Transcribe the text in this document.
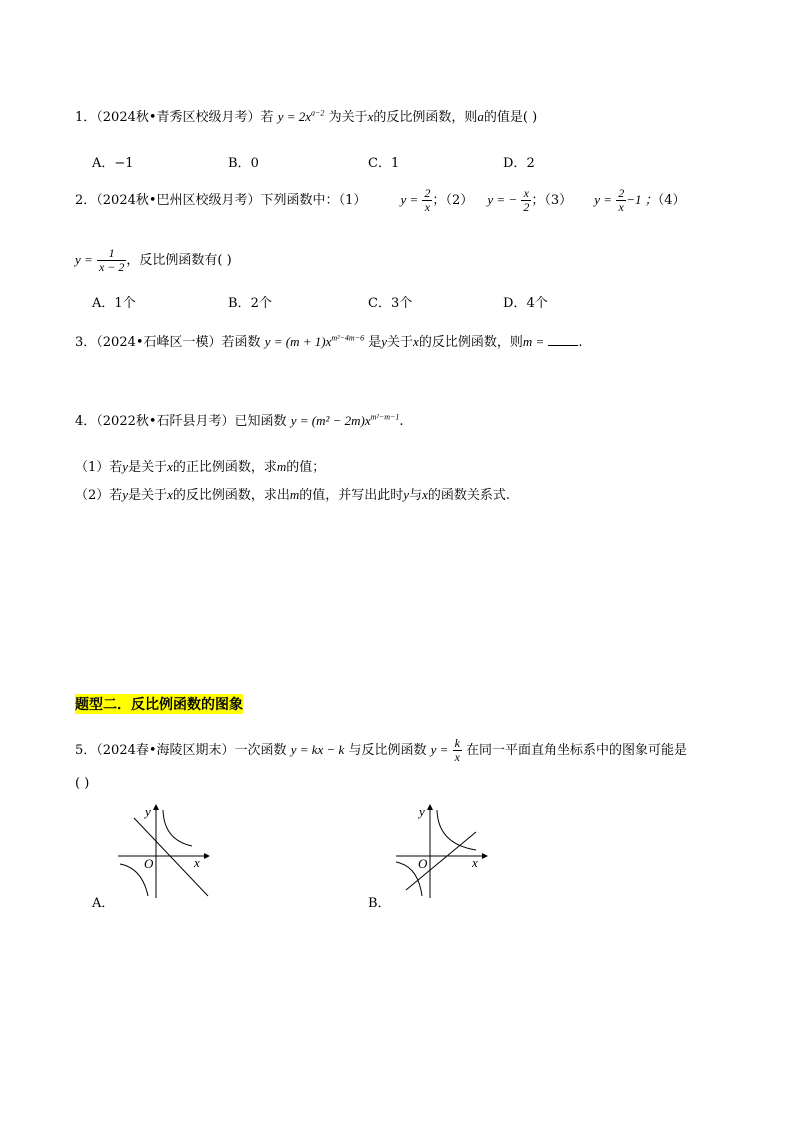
1．（2024秋•青秀区校级月考）若 $y = 2x^{a-2}$ 为关于x的反比例函数，则a的值是( )
A．−1	B．0	C．1	D．2
2．（2024秋•巴州区校级月考）下列函数中：（1）	$y = \frac{2}{x}$ ；（2） y = − $\frac{x}{2}$ ；（3） $y = \frac{2}{x} -1$ ；（4）
$y = \frac{1}{x - 2}$ ，反比例函数有( )
A．1个	B．2个	C．3个	D．4个
3．（2024•石峰区一模）若函数 $y = (m + 1)x^{m^2-4m-6}$ 是y关于x的反比例函数，则m =	.
4．（2022秋•石阡县月考）已知函数 $y = (m^2 - 2m)x^{m^2-m-1}$.
（1）若y是关于x的正比例函数，求m的值；
（2）若y是关于x的反比例函数，求出m的值，并写出此时y与x的函数关系式.
题型二．反比例函数的图象
5．（2024春•海陵区期末）一次函数 y = kx − k 与反比例函数 $y = \frac{k}{x}$ 在同一平面直角坐标系中的图象可能是
( )
y
x
O
A．
y
x
O
B．
